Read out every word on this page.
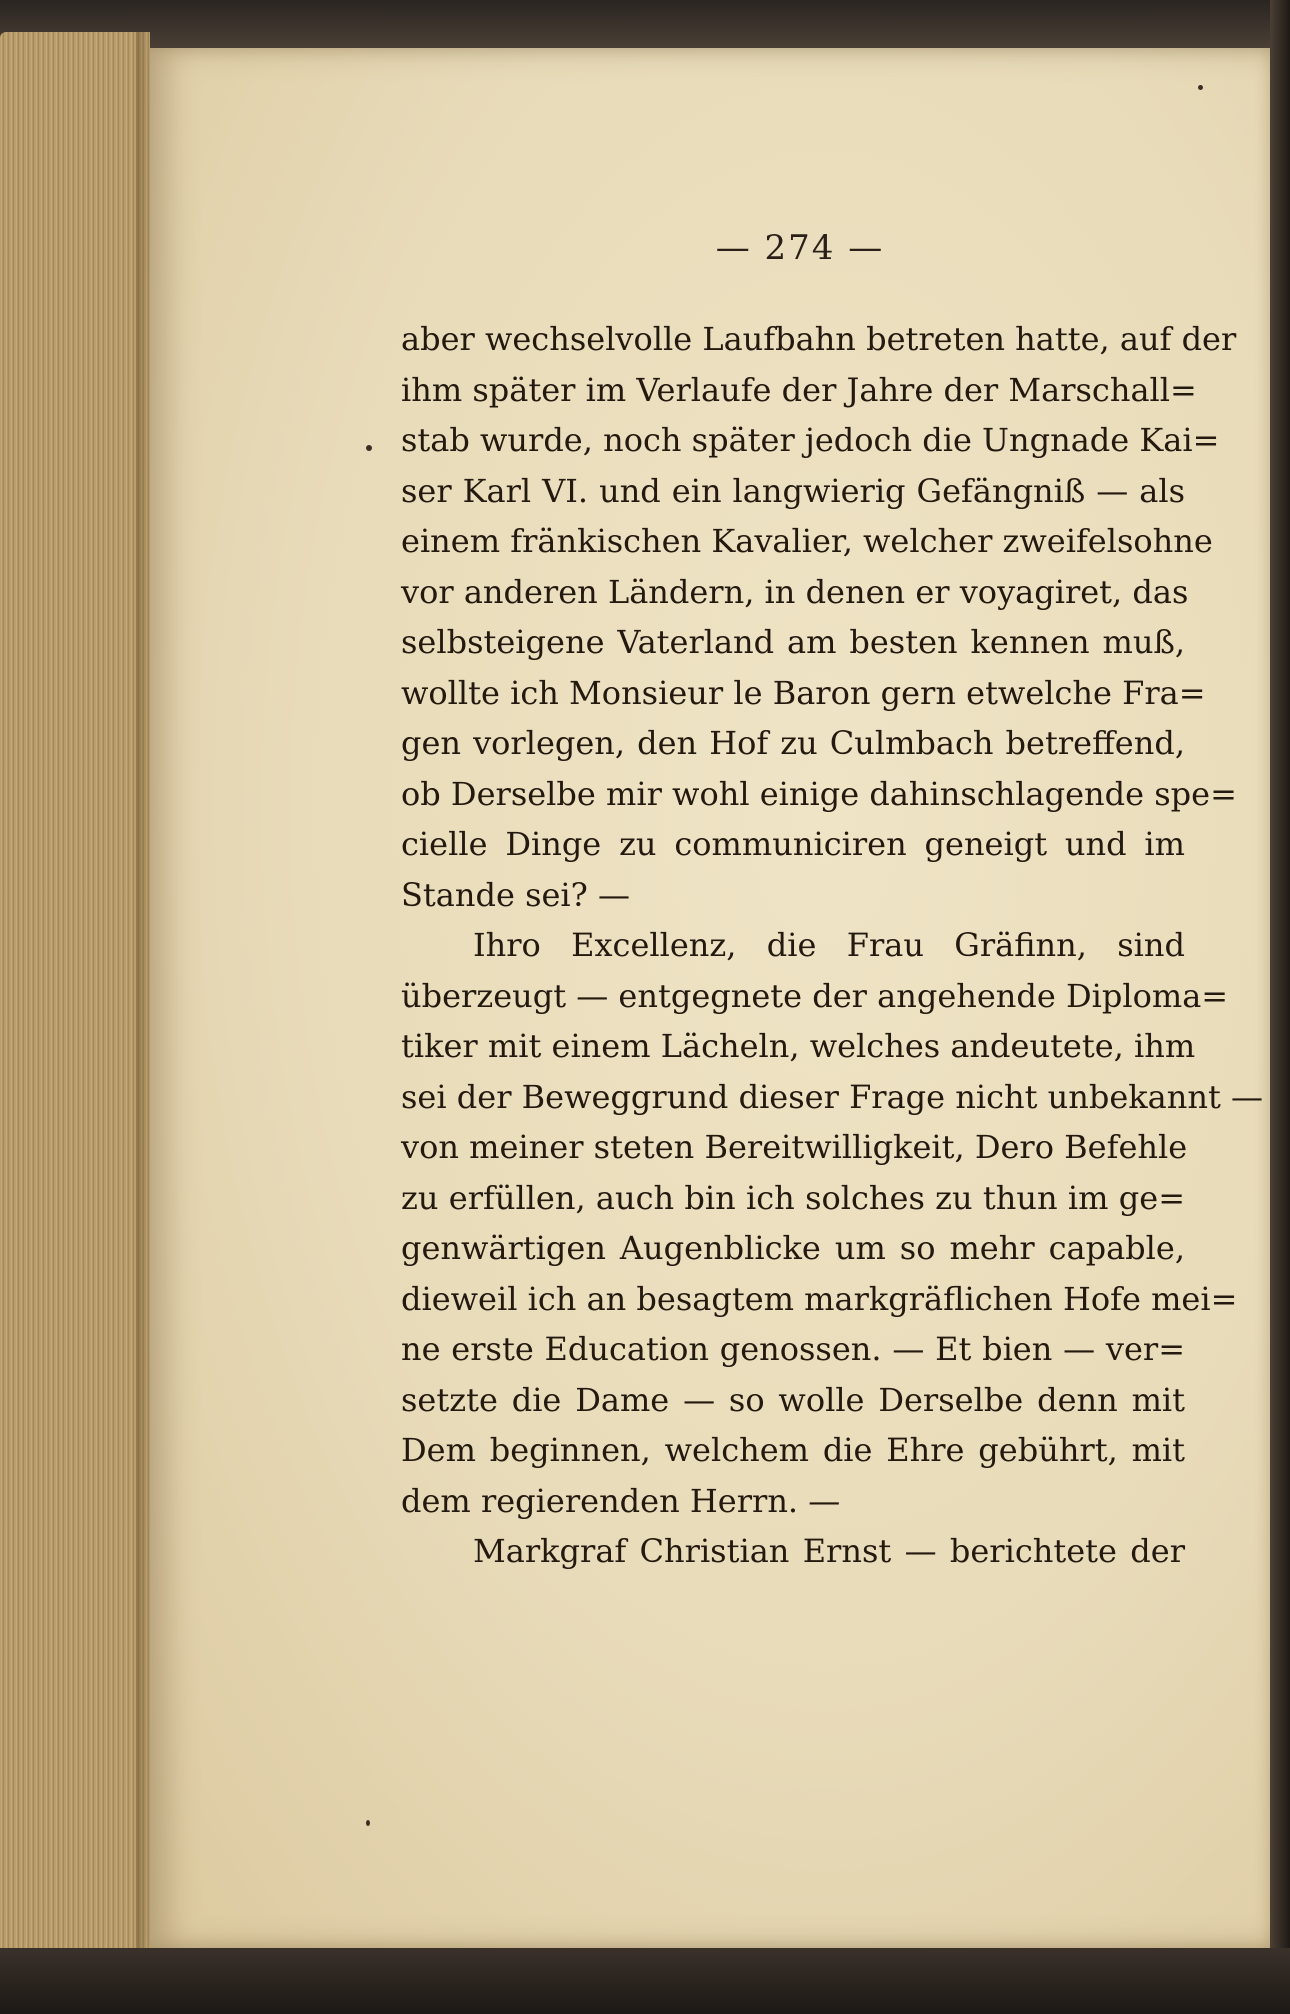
— 274 —
aber wechselvolle Laufbahn betreten hatte, auf der
ihm später im Verlaufe der Jahre der Marschall=
stab wurde, noch später jedoch die Ungnade Kai=
ser Karl VI. und ein langwierig Gefängniß — als
einem fränkischen Kavalier, welcher zweifelsohne
vor anderen Ländern, in denen er voyagiret, das
selbsteigene Vaterland am besten kennen muß,
wollte ich Monsieur le Baron gern etwelche Fra=
gen vorlegen, den Hof zu Culmbach betreffend,
ob Derselbe mir wohl einige dahinschlagende spe=
cielle Dinge zu communiciren geneigt und im
Stande sei? —
Ihro Excellenz, die Frau Gräfinn, sind
überzeugt — entgegnete der angehende Diploma=
tiker mit einem Lächeln, welches andeutete, ihm
sei der Beweggrund dieser Frage nicht unbekannt —
von meiner steten Bereitwilligkeit, Dero Befehle
zu erfüllen, auch bin ich solches zu thun im ge=
genwärtigen Augenblicke um so mehr capable,
dieweil ich an besagtem markgräflichen Hofe mei=
ne erste Education genossen. — Et bien — ver=
setzte die Dame — so wolle Derselbe denn mit
Dem beginnen, welchem die Ehre gebührt, mit
dem regierenden Herrn. —
Markgraf Christian Ernst — berichtete der
